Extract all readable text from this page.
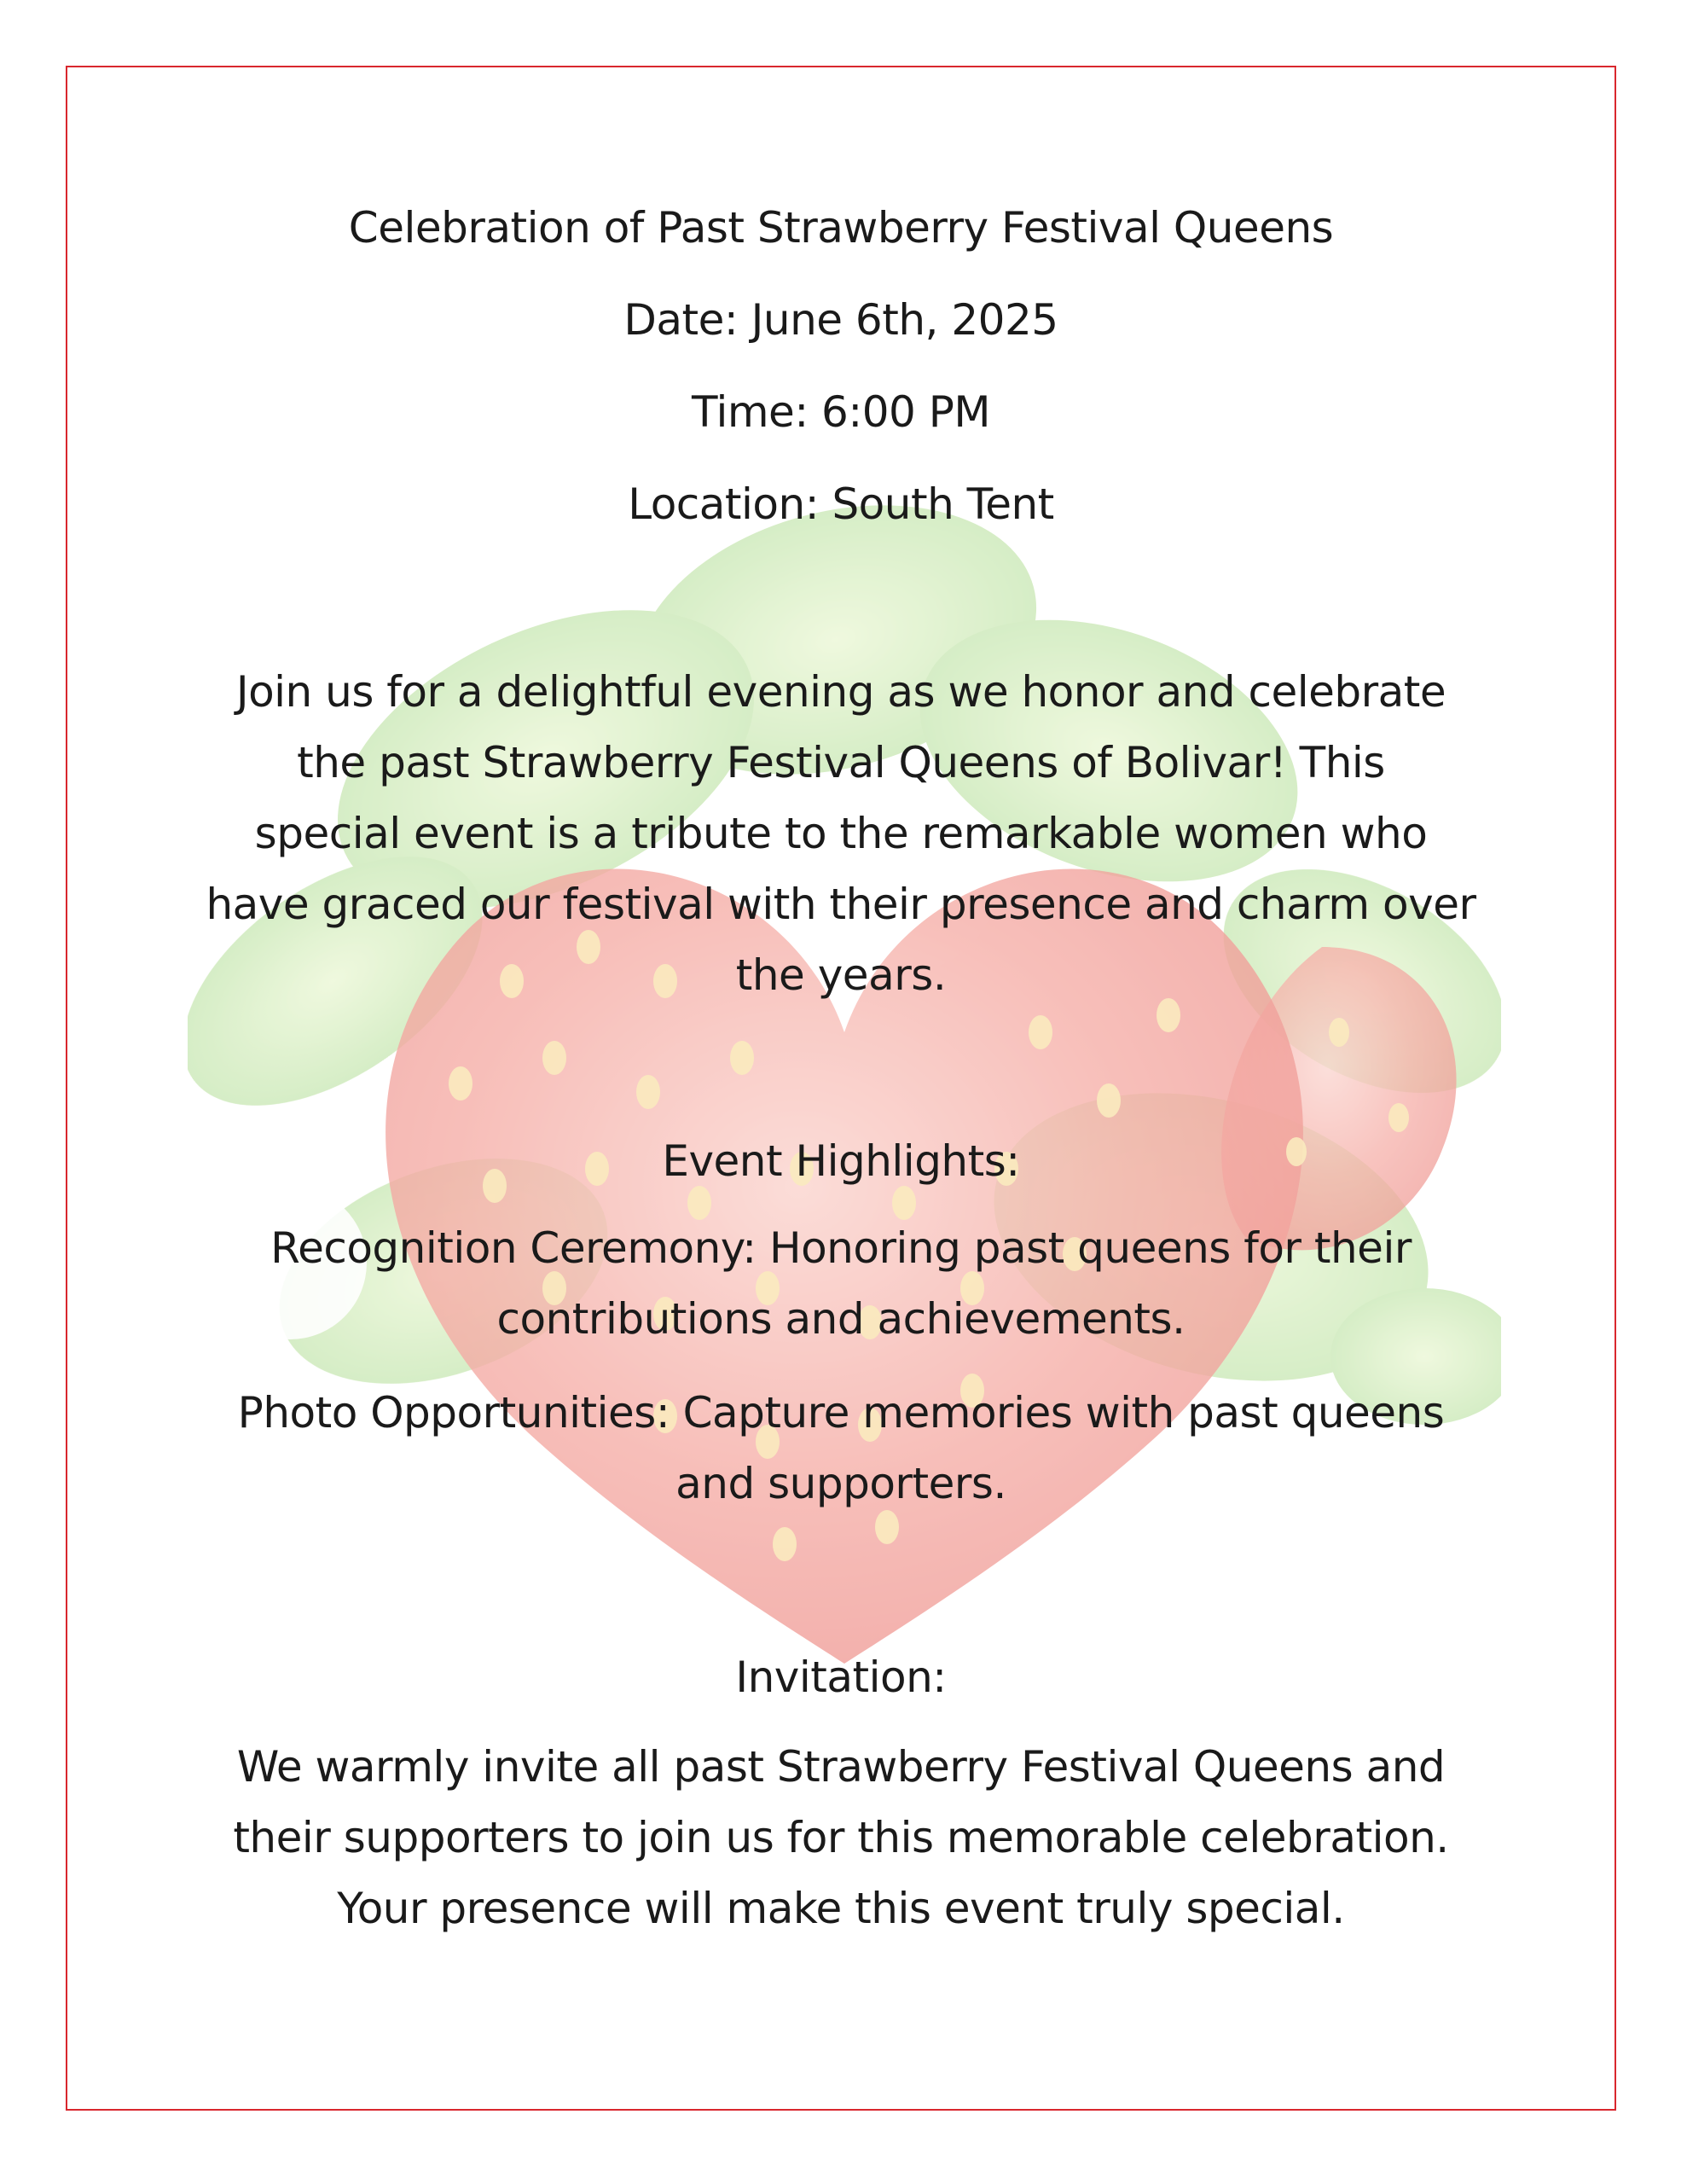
Celebration of Past Strawberry Festival Queens
Date: June 6th, 2025
Time: 6:00 PM
Location: South Tent
Join us for a delightful evening as we honor and celebrate
the past Strawberry Festival Queens of Bolivar! This
special event is a tribute to the remarkable women who
have graced our festival with their presence and charm over
the years.
Event Highlights:
Recognition Ceremony: Honoring past queens for their
contributions and achievements.
Photo Opportunities: Capture memories with past queens
and supporters.
Invitation:
We warmly invite all past Strawberry Festival Queens and
their supporters to join us for this memorable celebration.
Your presence will make this event truly special.
